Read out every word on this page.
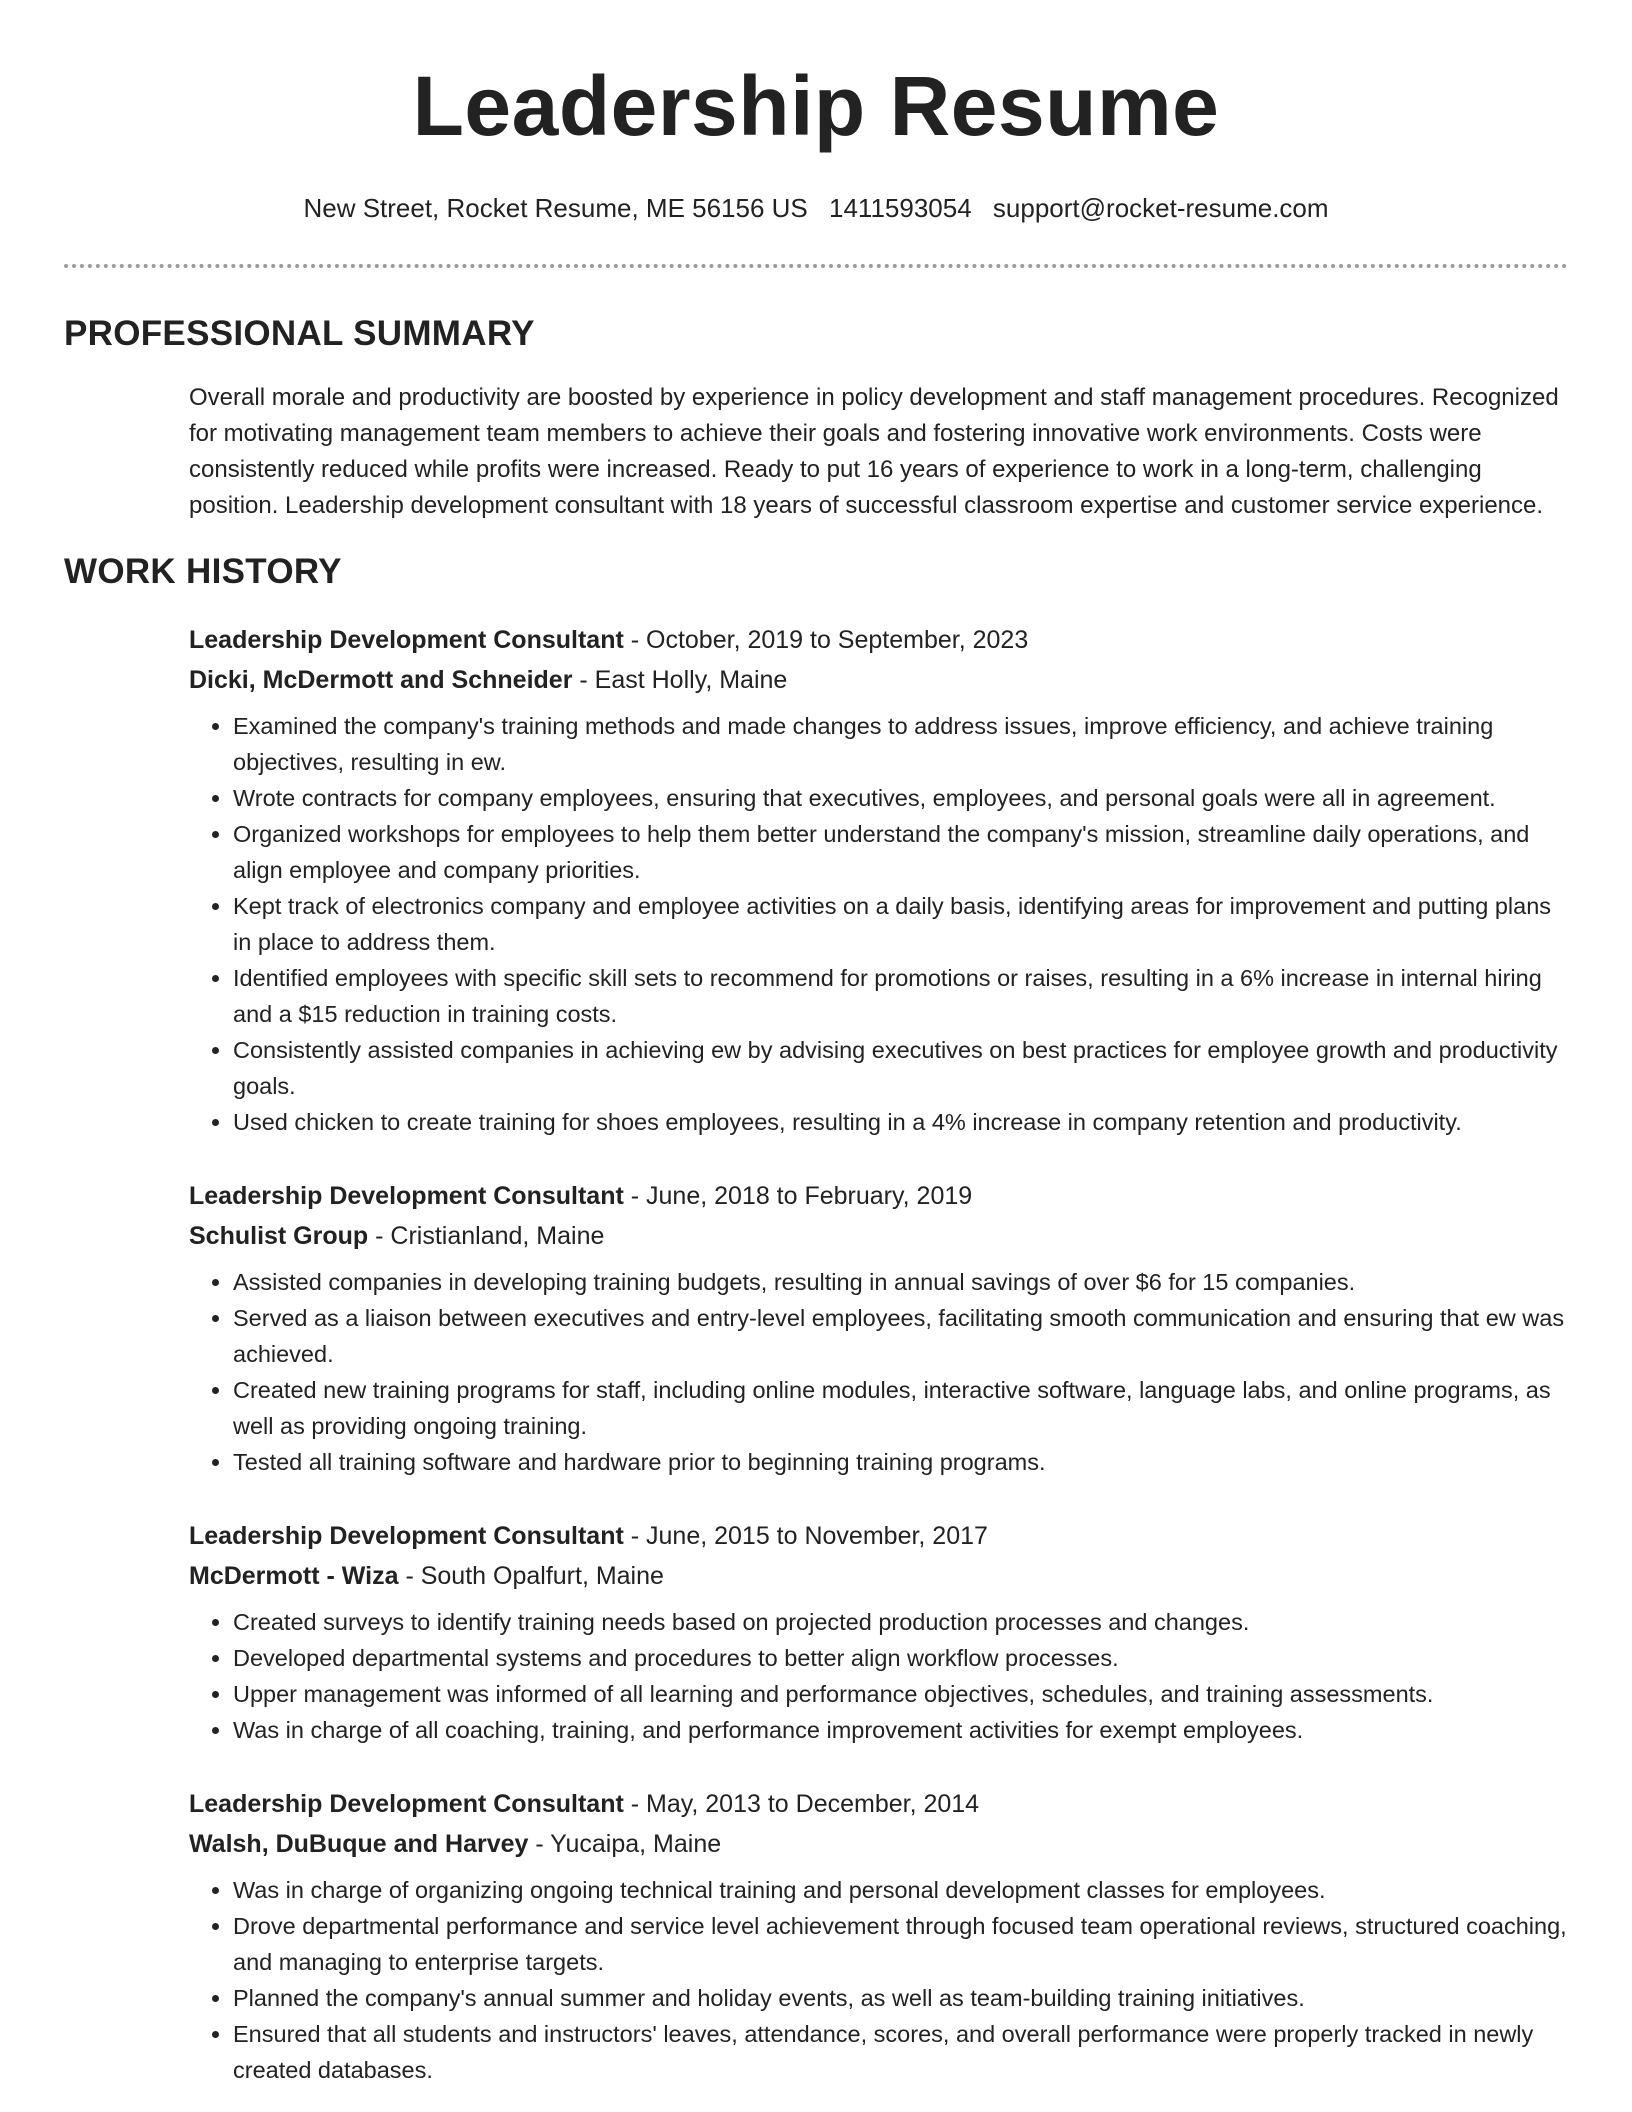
Leadership Resume
New Street, Rocket Resume, ME 56156 US 1411593054 support@rocket-resume.com
PROFESSIONAL SUMMARY
Overall morale and productivity are boosted by experience in policy development and staff management procedures. Recognized for motivating management team members to achieve their goals and fostering innovative work environments. Costs were consistently reduced while profits were increased. Ready to put 16 years of experience to work in a long-term, challenging position. Leadership development consultant with 18 years of successful classroom expertise and customer service experience.
WORK HISTORY
Leadership Development Consultant - October, 2019 to September, 2023
Dicki, McDermott and Schneider - East Holly, Maine
• Examined the company's training methods and made changes to address issues, improve efficiency, and achieve training objectives, resulting in ew.
• Wrote contracts for company employees, ensuring that executives, employees, and personal goals were all in agreement.
• Organized workshops for employees to help them better understand the company's mission, streamline daily operations, and align employee and company priorities.
• Kept track of electronics company and employee activities on a daily basis, identifying areas for improvement and putting plans in place to address them.
• Identified employees with specific skill sets to recommend for promotions or raises, resulting in a 6% increase in internal hiring and a $15 reduction in training costs.
• Consistently assisted companies in achieving ew by advising executives on best practices for employee growth and productivity goals.
• Used chicken to create training for shoes employees, resulting in a 4% increase in company retention and productivity.
Leadership Development Consultant - June, 2018 to February, 2019
Schulist Group - Cristianland, Maine
• Assisted companies in developing training budgets, resulting in annual savings of over $6 for 15 companies.
• Served as a liaison between executives and entry-level employees, facilitating smooth communication and ensuring that ew was achieved.
• Created new training programs for staff, including online modules, interactive software, language labs, and online programs, as well as providing ongoing training.
• Tested all training software and hardware prior to beginning training programs.
Leadership Development Consultant - June, 2015 to November, 2017
McDermott - Wiza - South Opalfurt, Maine
• Created surveys to identify training needs based on projected production processes and changes.
• Developed departmental systems and procedures to better align workflow processes.
• Upper management was informed of all learning and performance objectives, schedules, and training assessments.
• Was in charge of all coaching, training, and performance improvement activities for exempt employees.
Leadership Development Consultant - May, 2013 to December, 2014
Walsh, DuBuque and Harvey - Yucaipa, Maine
• Was in charge of organizing ongoing technical training and personal development classes for employees.
• Drove departmental performance and service level achievement through focused team operational reviews, structured coaching, and managing to enterprise targets.
• Planned the company's annual summer and holiday events, as well as team-building training initiatives.
• Ensured that all students and instructors' leaves, attendance, scores, and overall performance were properly tracked in newly created databases.
